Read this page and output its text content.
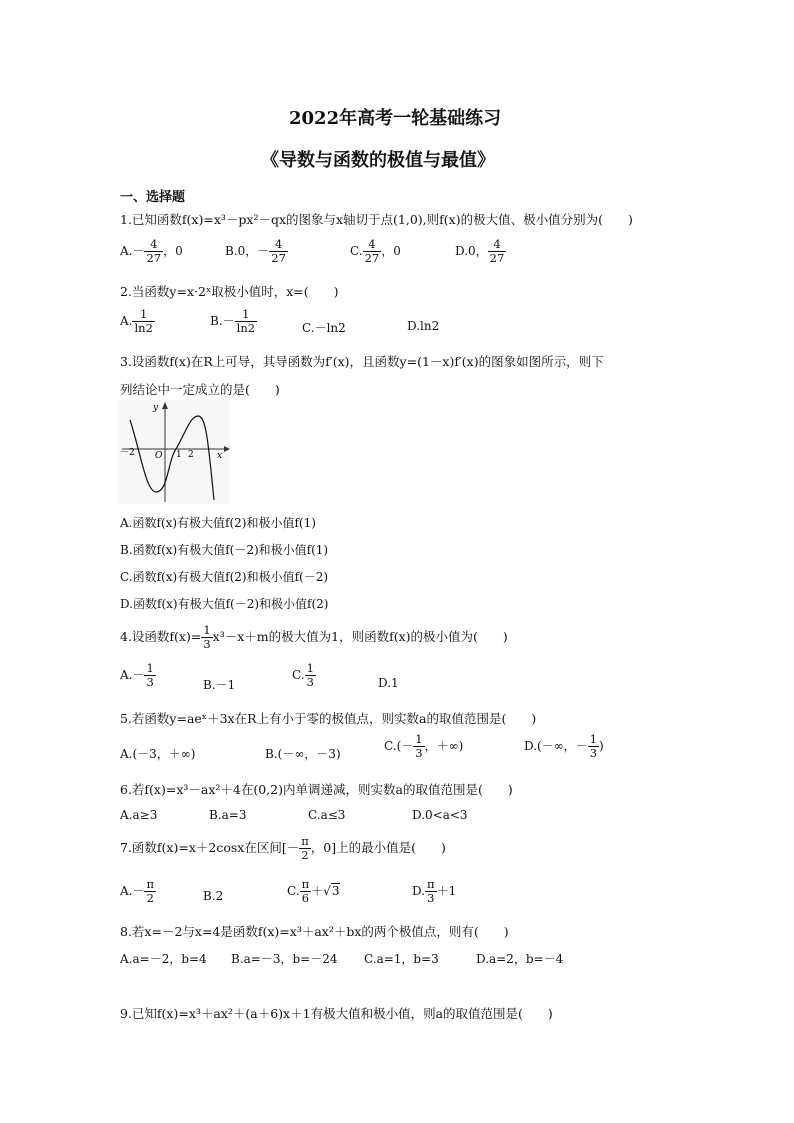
2022年高考一轮基础练习
《导数与函数的极值与最值》
一、选择题
1.已知函数f(x)=x³－px²－qx的图象与x轴切于点(1,0),则f(x)的极大值、极小值分别为(　　)
$A.- \frac{4}{27}$ ，0	B.0，－ $\frac{4}{27}$	C. $\frac{4}{27}$ ，0	D.0， $\frac{4}{27}$
2.当函数y=x·2ˣ取极小值时，x=(　　)
A. $\frac{1}{\ln 2}$	$B.- \frac{1}{\ln 2}$	C.－ln2	D.ln2
3.设函数f(x)在R上可导，其导函数为f′(x)，且函数y=(1－x)f′(x)的图象如图所示，则下
列结论中一定成立的是(　　)
y
x
O
－2	1 2
A.函数f(x)有极大值f(2)和极小值f(1)
B.函数f(x)有极大值f(－2)和极小值f(1)
C.函数f(x)有极大值f(2)和极小值f(－2)
D.函数f(x)有极大值f(－2)和极小值f(2)
4.设函数$f(x)= \frac{1}{3} x^3-x+m$的极大值为1，则函数f(x)的极小值为(　　)
$A.- \frac{1}{3}$	B.－1
C. $\frac{1}{3}$	D.1
5.若函数y=aeˣ＋3x在R上有小于零的极值点，则实数a的取值范围是(　　)
A.(－3，＋∞)	B.(－∞，－3)
$C.(- \frac{1}{3}$ ，＋∞)	D.(－∞，－ $\frac{1}{3}$ )
6.若f(x)=x³－ax²＋4在(0,2)内单调递减，则实数a的取值范围是(　　)
A.a≥3	B.a=3	C.a≤3	D.0<a<3
7.函数f(x)=x＋2cosx在区间[－ $\frac{\pi}{2}$ ，0]上的最小值是(　　)
$A.- \frac{\pi}{2}$	B.2	C. $\frac{\pi}{6} +√3$	D. $\frac{\pi}{3} +1$
8.若x=－2与x=4是函数f(x)=x³＋ax²＋bx的两个极值点，则有(　　)
A.a=－2，b=4 B.a=－3，b=－24 C.a=1，b=3	D.a=2，b=－4
9.已知f(x)=x³＋ax²＋(a＋6)x＋1有极大值和极小值，则a的取值范围是(　　)
